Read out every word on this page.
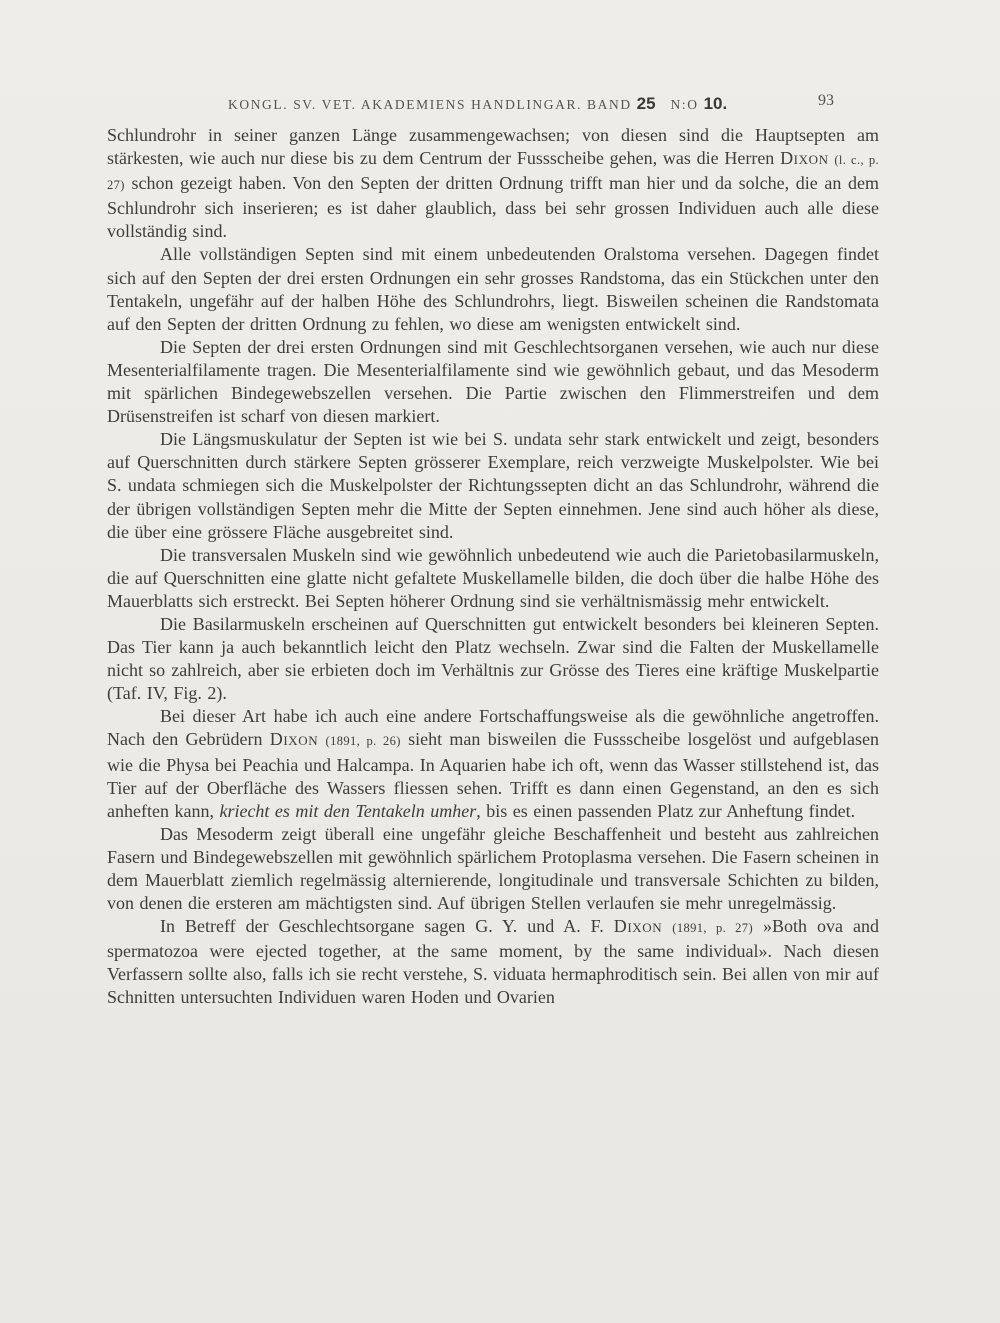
KONGL. SV. VET. AKADEMIENS HANDLINGAR. BAND 25 N:O 10.	93

Schlundrohr in seiner ganzen Länge zusammengewachsen; von diesen sind die Hauptsepten am stärkesten, wie auch nur diese bis zu dem Centrum der Fussscheibe gehen, was die Herren Dixon (l. c., p. 27) schon gezeigt haben. Von den Septen der dritten Ordnung trifft man hier und da solche, die an dem Schlundrohr sich inserieren; es ist daher glaublich, dass bei sehr grossen Individuen auch alle diese vollständig sind.

Alle vollständigen Septen sind mit einem unbedeutenden Oralstoma versehen. Dagegen findet sich auf den Septen der drei ersten Ordnungen ein sehr grosses Randstoma, das ein Stückchen unter den Tentakeln, ungefähr auf der halben Höhe des Schlundrohrs, liegt. Bisweilen scheinen die Randstomata auf den Septen der dritten Ordnung zu fehlen, wo diese am wenigsten entwickelt sind.

Die Septen der drei ersten Ordnungen sind mit Geschlechtsorganen versehen, wie auch nur diese Mesenterialfilamente tragen. Die Mesenterialfilamente sind wie gewöhnlich gebaut, und das Mesoderm mit spärlichen Bindegewebszellen versehen. Die Partie zwischen den Flimmerstreifen und dem Drüsenstreifen ist scharf von diesen markiert.

Die Längsmuskulatur der Septen ist wie bei S. undata sehr stark entwickelt und zeigt, besonders auf Querschnitten durch stärkere Septen grösserer Exemplare, reich verzweigte Muskelpolster. Wie bei S. undata schmiegen sich die Muskelpolster der Richtungssepten dicht an das Schlundrohr, während die der übrigen vollständigen Septen mehr die Mitte der Septen einnehmen. Jene sind auch höher als diese, die über eine grössere Fläche ausgebreitet sind.

Die transversalen Muskeln sind wie gewöhnlich unbedeutend wie auch die Parietobasilarmuskeln, die auf Querschnitten eine glatte nicht gefaltete Muskellamelle bilden, die doch über die halbe Höhe des Mauerblatts sich erstreckt. Bei Septen höherer Ordnung sind sie verhältnismässig mehr entwickelt.

Die Basilarmuskeln erscheinen auf Querschnitten gut entwickelt besonders bei kleineren Septen. Das Tier kann ja auch bekanntlich leicht den Platz wechseln. Zwar sind die Falten der Muskellamelle nicht so zahlreich, aber sie erbieten doch im Verhältnis zur Grösse des Tieres eine kräftige Muskelpartie (Taf. IV, Fig. 2).

Bei dieser Art habe ich auch eine andere Fortschaffungsweise als die gewöhnliche angetroffen. Nach den Gebrüdern Dixon (1891, p. 26) sieht man bisweilen die Fussscheibe losgelöst und aufgeblasen wie die Physa bei Peachia und Halcampa. In Aquarien habe ich oft, wenn das Wasser stillstehend ist, das Tier auf der Oberfläche des Wassers fliessen sehen. Trifft es dann einen Gegenstand, an den es sich anheften kann, kriecht es mit den Tentakeln umher, bis es einen passenden Platz zur Anheftung findet.

Das Mesoderm zeigt überall eine ungefähr gleiche Beschaffenheit und besteht aus zahlreichen Fasern und Bindegewebszellen mit gewöhnlich spärlichem Protoplasma versehen. Die Fasern scheinen in dem Mauerblatt ziemlich regelmässig alternierende, longitudinale und transversale Schichten zu bilden, von denen die ersteren am mächtigsten sind. Auf übrigen Stellen verlaufen sie mehr unregelmässig.

In Betreff der Geschlechtsorgane sagen G. Y. und A. F. Dixon (1891, p. 27) »Both ova and spermatozoa were ejected together, at the same moment, by the same individual». Nach diesen Verfassern sollte also, falls ich sie recht verstehe, S. viduata hermaphroditisch sein. Bei allen von mir auf Schnitten untersuchten Individuen waren Hoden und Ovarien
